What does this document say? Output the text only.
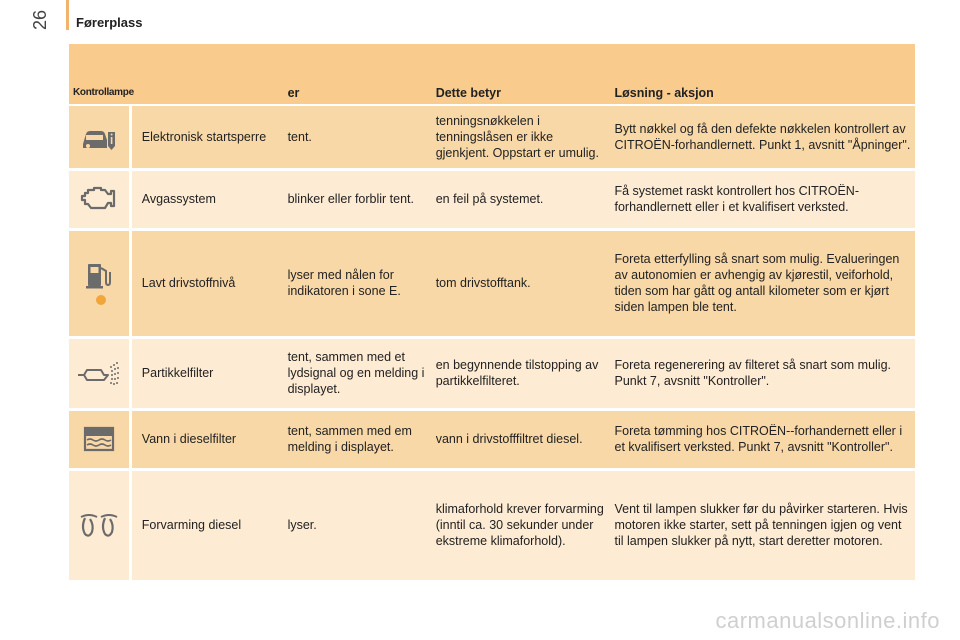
26 Førerplass
Kontrollampe		er	Dette betyr	Løsning - aksjon
	Elektronisk startsperre	tent.	tenningsnøkkelen i tenningslåsen er ikke gjenkjent. Oppstart er umulig.	Bytt nøkkel og få den defekte nøkkelen kontrollert av CITROËN-forhandlernett. Punkt 1, avsnitt "Åpninger".
	Avgassystem	blinker eller forblir tent.	en feil på systemet.	Få systemet raskt kontrollert hos CITROËN-forhandlernett eller i et kvalifisert verksted.
	Lavt drivstoffnivå	lyser med nålen for indikatoren i sone E.	tom drivstofftank.	Foreta etterfylling så snart som mulig. Evalueringen av autonomien er avhengig av kjørestil, veiforhold, tiden som har gått og antall kilometer som er kjørt siden lampen ble tent.
	Partikkelfilter	tent, sammen med et lydsignal og en melding i displayet.	en begynnende tilstopping av partikkelfilteret.	Foreta regenerering av filteret så snart som mulig. Punkt 7, avsnitt "Kontroller".
	Vann i dieselfilter	tent, sammen med em melding i displayet.	vann i drivstofffiltret diesel.	Foreta tømming hos CITROËN--forhandernett eller i et kvalifisert verksted. Punkt 7, avsnitt "Kontroller".
	Forvarming diesel	lyser.	klimaforhold krever forvarming (inntil ca. 30 sekunder under ekstreme klimaforhold).	Vent til lampen slukker før du påvirker starteren. Hvis motoren ikke starter, sett på tenningen igjen og vent til lampen slukker på nytt, start deretter motoren.
carmanualsonline.info
